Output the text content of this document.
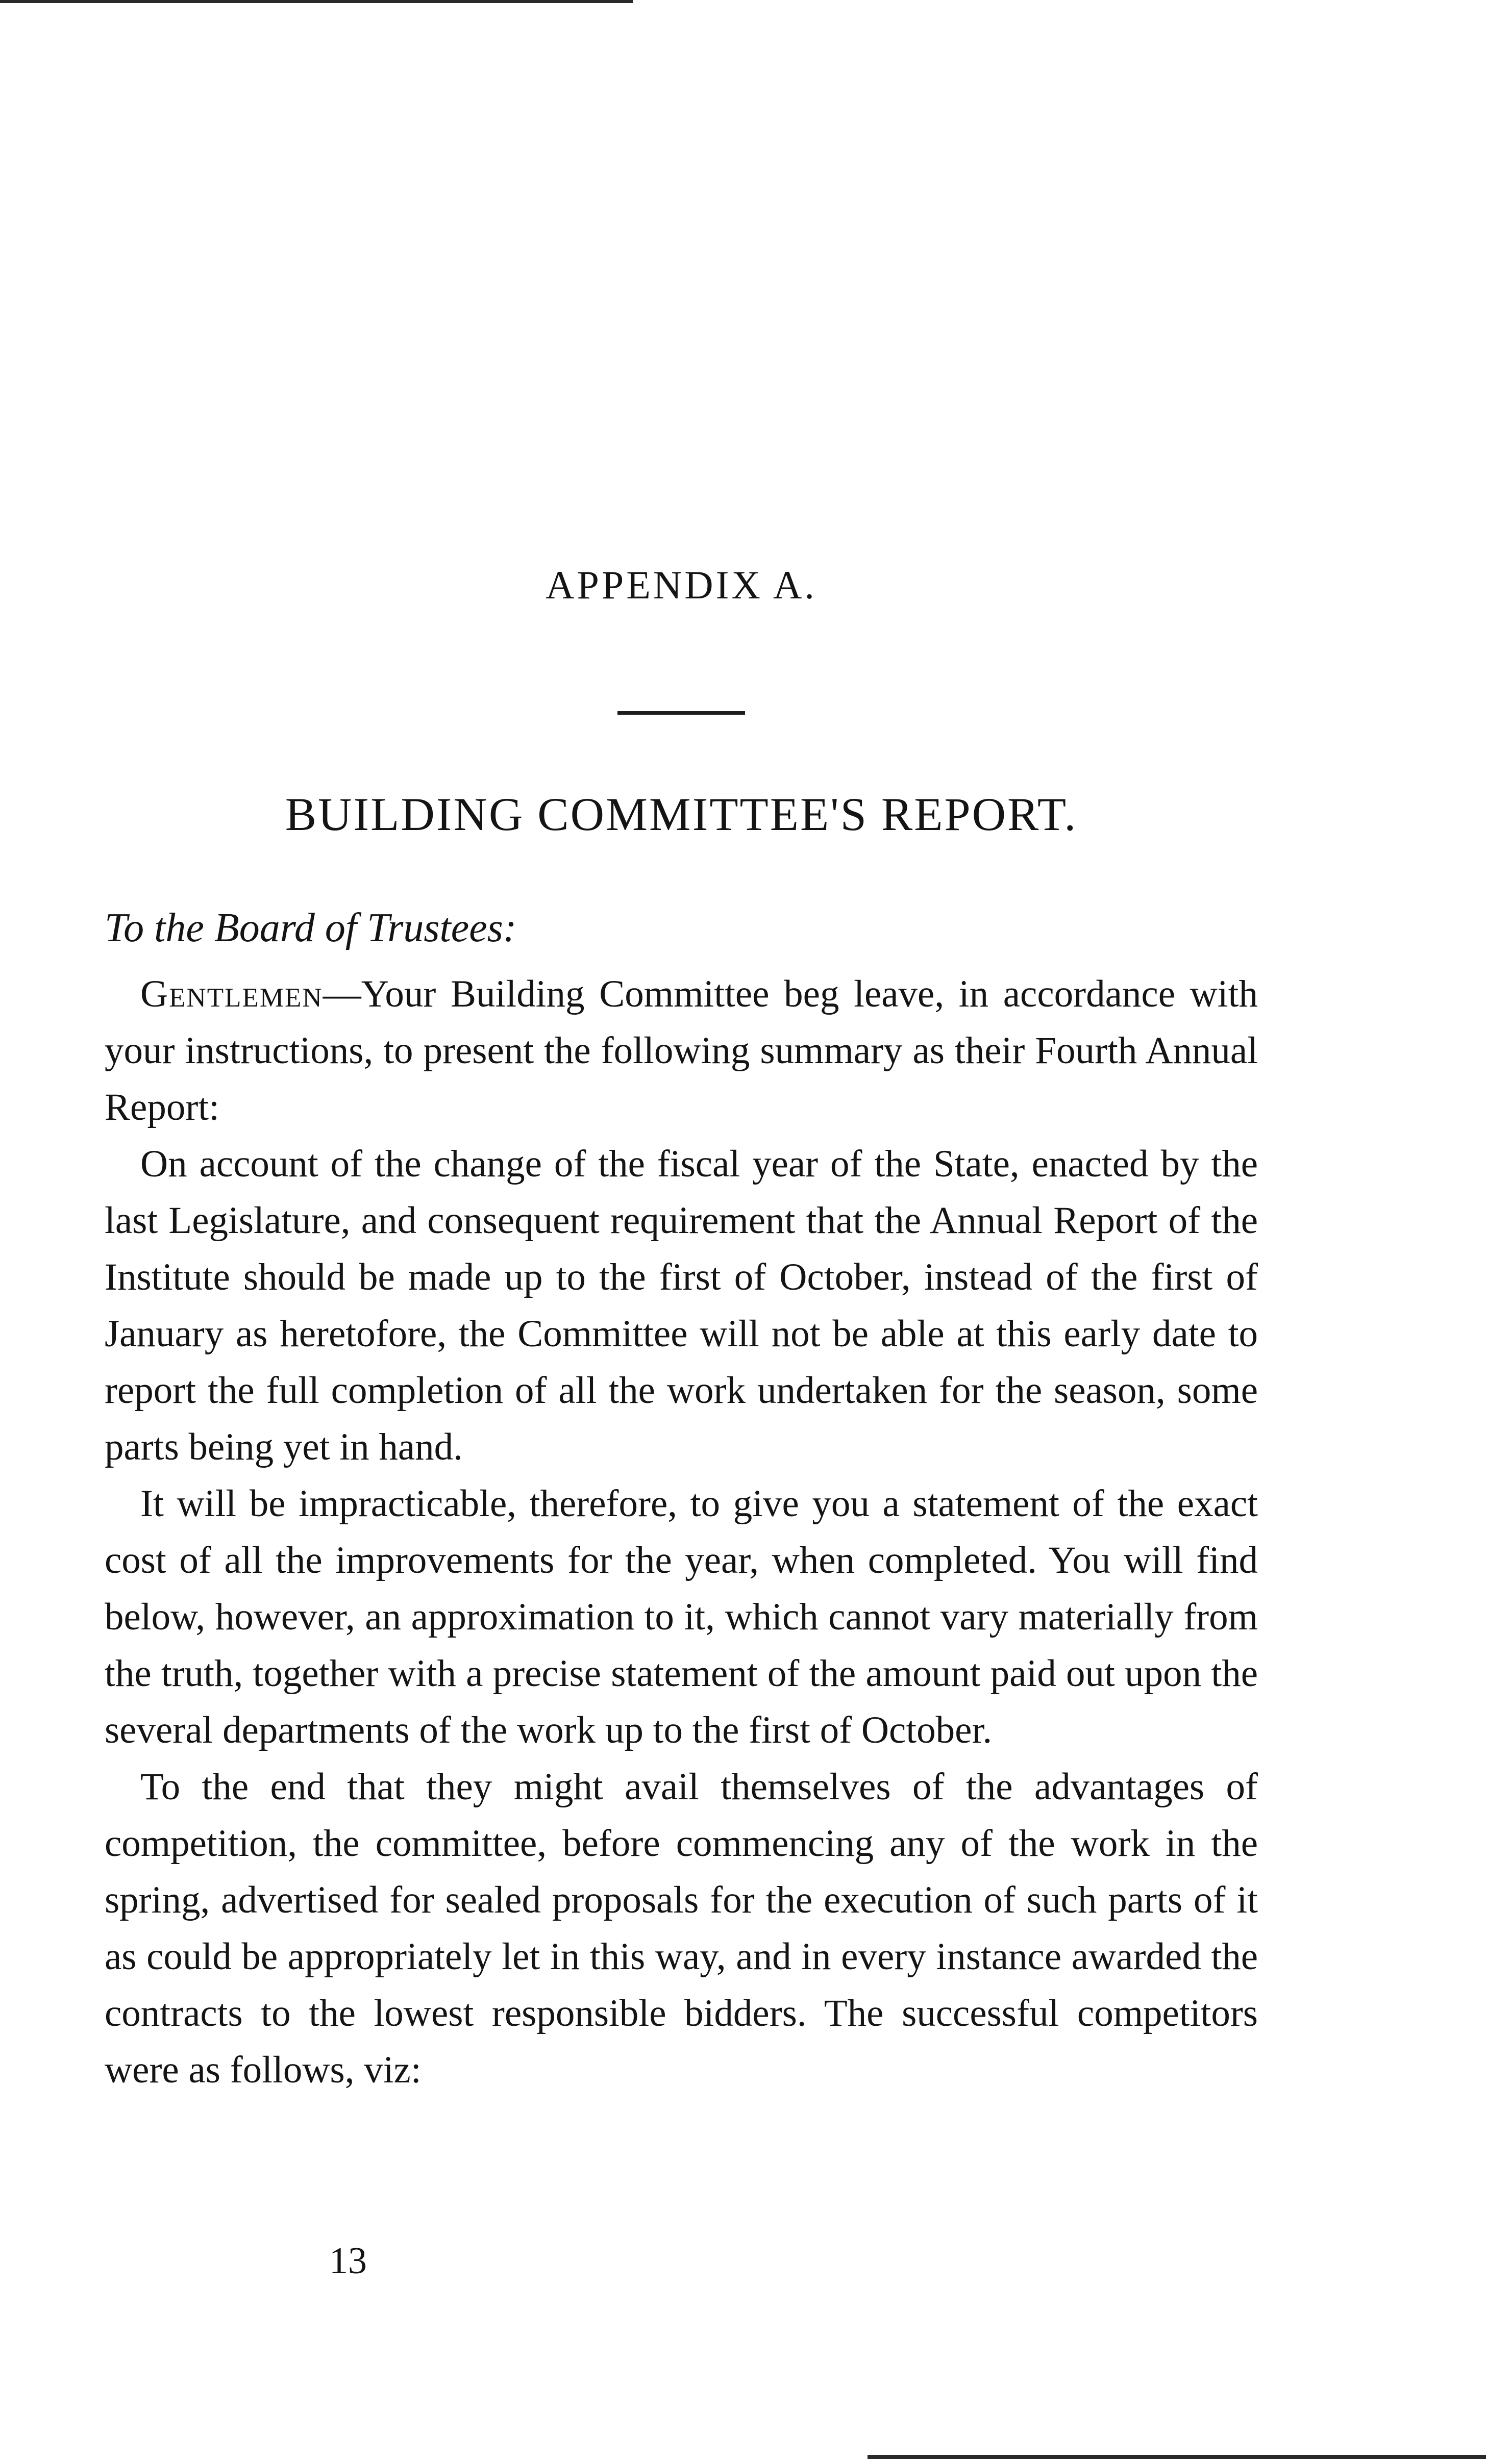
APPENDIX A.
BUILDING COMMITTEE'S REPORT.

To the Board of Trustees:

Gentlemen—Your Building Committee beg leave, in accordance with your instructions, to present the following summary as their Fourth Annual Report:

On account of the change of the fiscal year of the State, enacted by the last Legislature, and consequent requirement that the Annual Report of the Institute should be made up to the first of October, instead of the first of January as heretofore, the Committee will not be able at this early date to report the full completion of all the work undertaken for the season, some parts being yet in hand.

It will be impracticable, therefore, to give you a statement of the exact cost of all the improvements for the year, when completed. You will find below, however, an approximation to it, which cannot vary materially from the truth, together with a precise statement of the amount paid out upon the several departments of the work up to the first of October.

To the end that they might avail themselves of the advantages of competition, the committee, before commencing any of the work in the spring, advertised for sealed proposals for the execution of such parts of it as could be appropriately let in this way, and in every instance awarded the contracts to the lowest responsible bidders. The successful competitors were as follows, viz:

13
